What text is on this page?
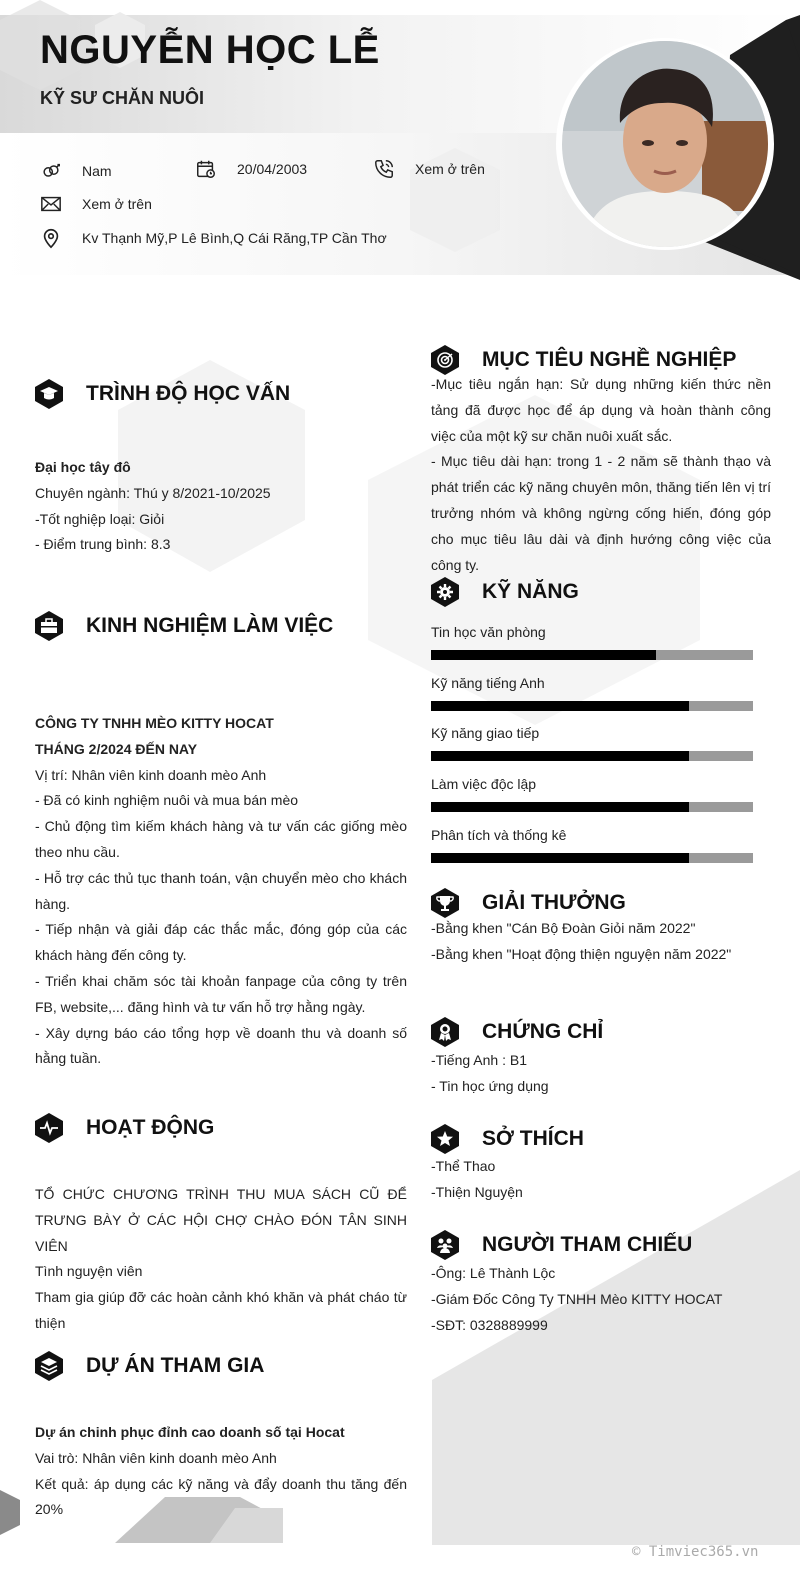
NGUYỄN HỌC LỄ
KỸ SƯ CHĂN NUÔI
Nam	20/04/2003	Xem ở trên
Xem ở trên
Kv Thạnh Mỹ,P Lê Bình,Q Cái Răng,TP Cần Thơ
TRÌNH ĐỘ HỌC VẤN
Đại học tây đô
Chuyên ngành: Thú y 8/2021-10/2025
-Tốt nghiệp loại: Giỏi
- Điểm trung bình: 8.3
KINH NGHIỆM LÀM VIỆC
CÔNG TY TNHH MÈO KITTY HOCAT
THÁNG 2/2024 ĐẾN NAY
Vị trí: Nhân viên kinh doanh mèo Anh
- Đã có kinh nghiệm nuôi và mua bán mèo
- Chủ động tìm kiếm khách hàng và tư vấn các giống mèo theo nhu cầu.
- Hỗ trợ các thủ tục thanh toán, vận chuyển mèo cho khách hàng.
- Tiếp nhận và giải đáp các thắc mắc, đóng góp của các khách hàng đến công ty.
- Triển khai chăm sóc tài khoản fanpage của công ty trên FB, website,... đăng hình và tư vấn hỗ trợ hằng ngày.
- Xây dựng báo cáo tổng hợp về doanh thu và doanh số hằng tuần.
HOẠT ĐỘNG
TỔ CHỨC CHƯƠNG TRÌNH THU MUA SÁCH CŨ ĐỂ TRƯNG BÀY Ở CÁC HỘI CHỢ CHÀO ĐÓN TÂN SINH VIÊN
Tình nguyện viên
Tham gia giúp đỡ các hoàn cảnh khó khăn và phát cháo từ thiện
DỰ ÁN THAM GIA
Dự án chinh phục đỉnh cao doanh số tại Hocat
Vai trò: Nhân viên kinh doanh mèo Anh
Kết quả: áp dụng các kỹ năng và đẩy doanh thu tăng đến 20%
MỤC TIÊU NGHỀ NGHIỆP
-Mục tiêu ngắn hạn: Sử dụng những kiến thức nền tảng đã được học để áp dụng và hoàn thành công việc của một kỹ sư chăn nuôi xuất sắc.
- Mục tiêu dài hạn: trong 1 - 2 năm sẽ thành thạo và phát triển các kỹ năng chuyên môn, thăng tiến lên vị trí trưởng nhóm và không ngừng cống hiến, đóng góp cho mục tiêu lâu dài và định hướng công việc của công ty.
KỸ NĂNG
Tin học văn phòng
Kỹ năng tiếng Anh
Kỹ năng giao tiếp
Làm việc độc lập
Phân tích và thống kê
GIẢI THƯỞNG
-Bằng khen "Cán Bộ Đoàn Giỏi năm 2022"
-Bằng khen "Hoạt động thiện nguyện năm 2022"
CHỨNG CHỈ
-Tiếng Anh : B1
- Tin học ứng dụng
SỞ THÍCH
-Thể Thao
-Thiện Nguyện
NGƯỜI THAM CHIẾU
-Ông: Lê Thành Lộc
-Giám Đốc Công Ty TNHH Mèo KITTY HOCAT
-SĐT: 0328889999
© Timviec365.vn
